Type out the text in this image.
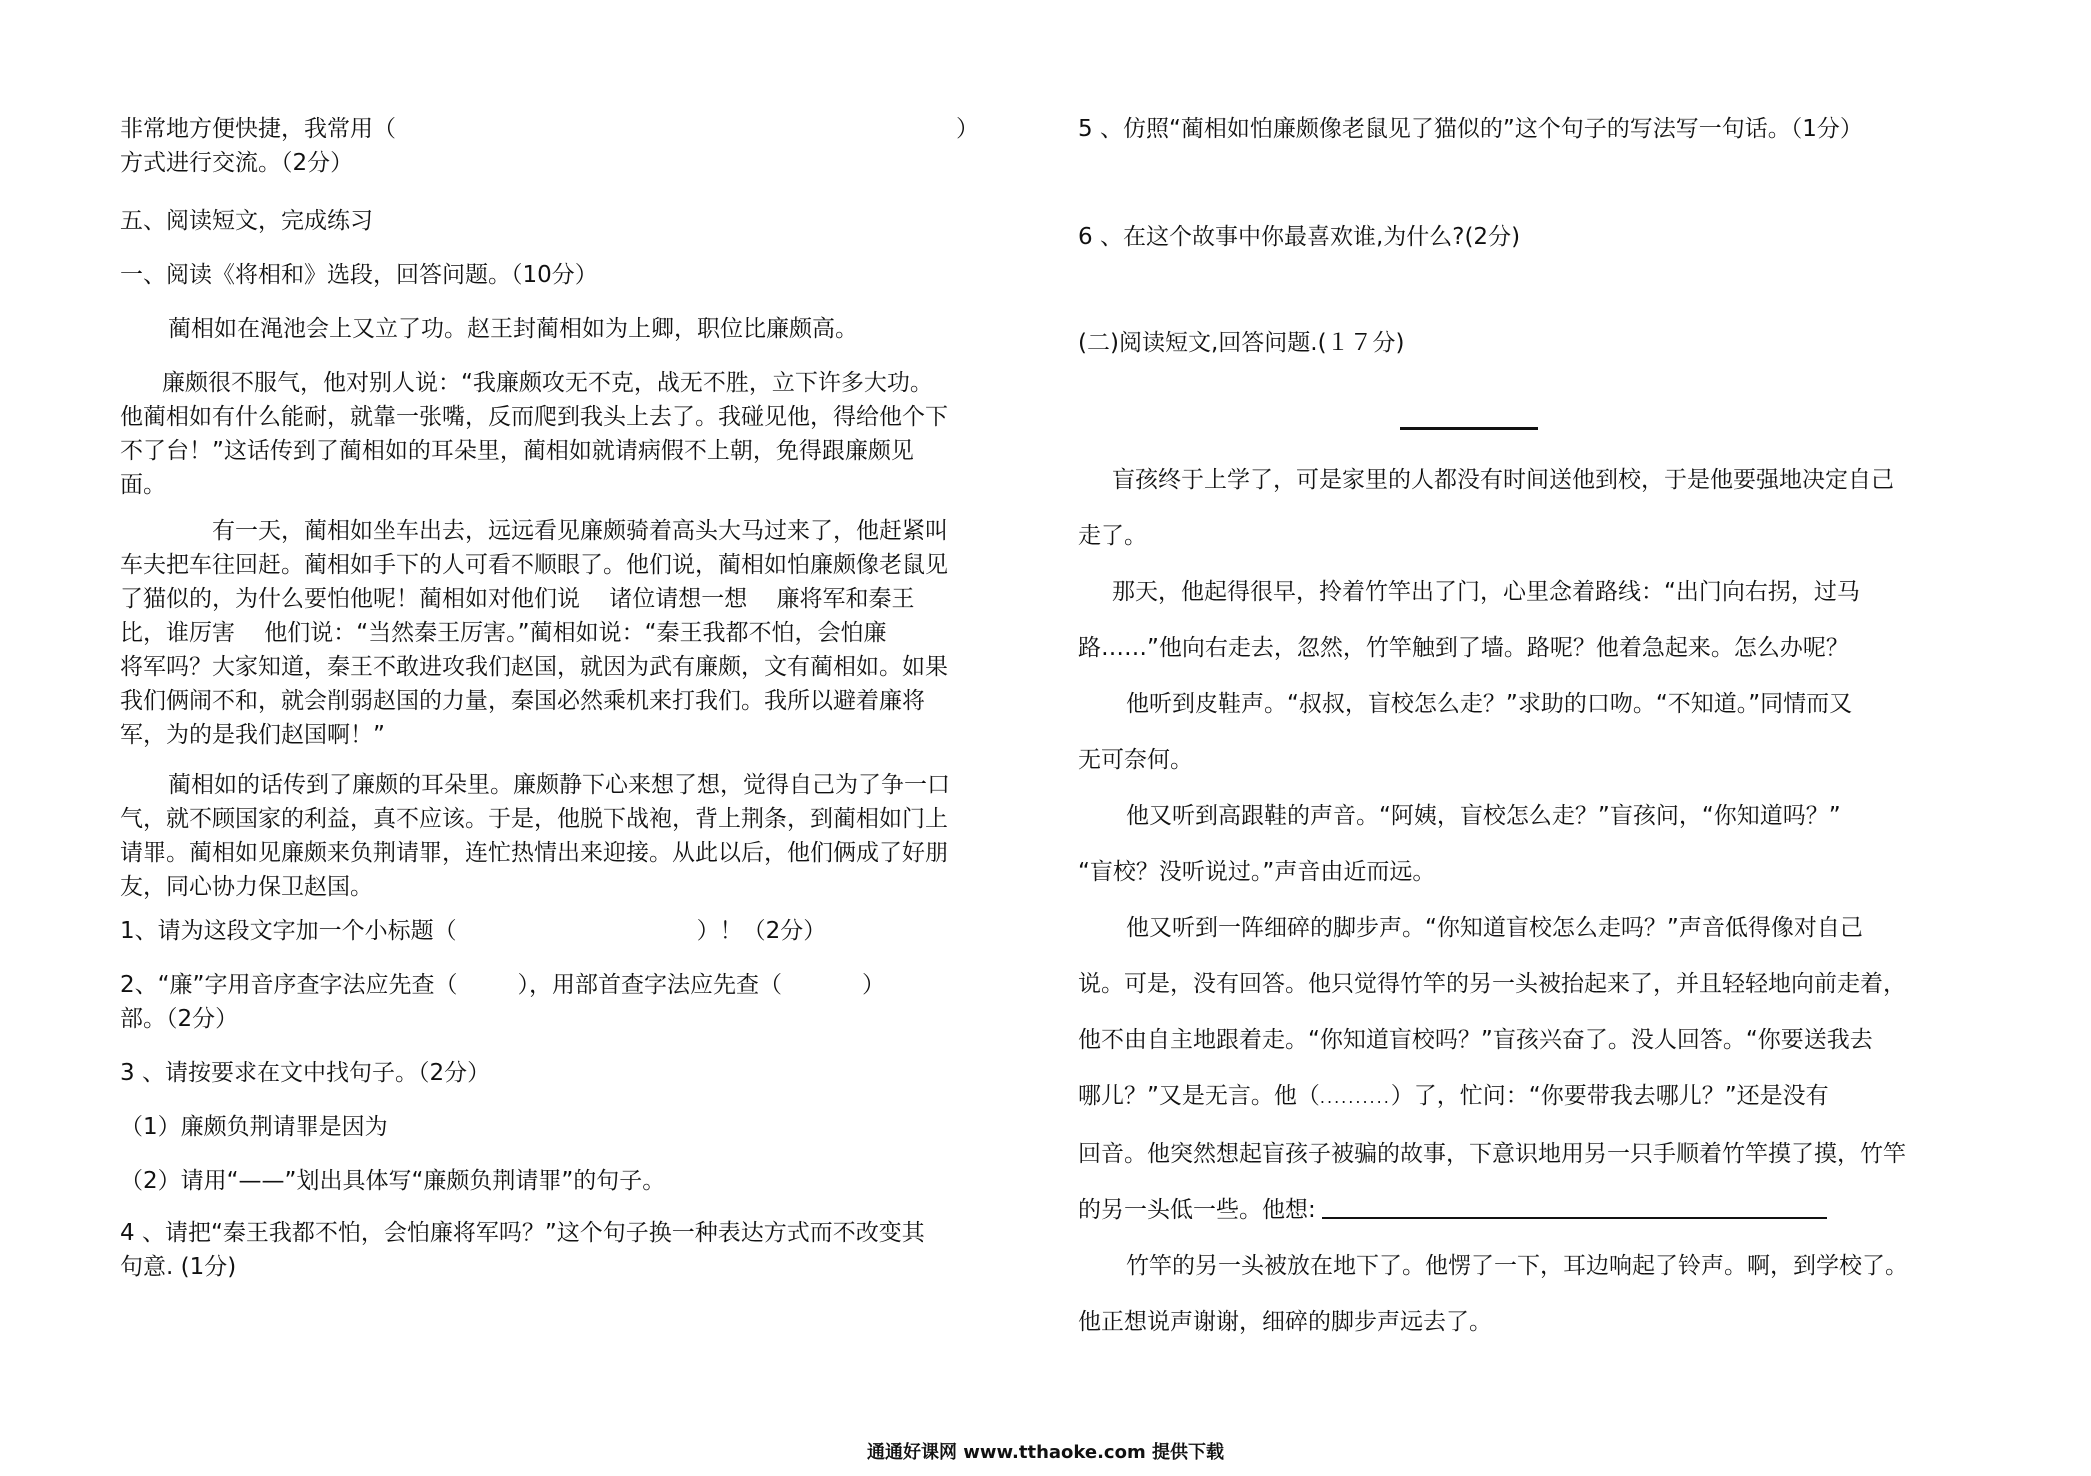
非常地方便快捷，我常用（	）

方式进行交流。（2分）

五、阅读短文，完成练习

一、阅读《将相和》选段，回答问题。（10分）

蔺相如在渑池会上又立了功。赵王封蔺相如为上卿，职位比廉颇高。

廉颇很不服气，他对别人说：“我廉颇攻无不克，战无不胜，立下许多大功。

他蔺相如有什么能耐，就靠一张嘴，反而爬到我头上去了。我碰见他，得给他个下

不了台！”这话传到了蔺相如的耳朵里，蔺相如就请病假不上朝，免得跟廉颇见

面。

有一天，蔺相如坐车出去，远远看见廉颇骑着高头大马过来了，他赶紧叫

车夫把车往回赶。蔺相如手下的人可看不顺眼了。他们说，蔺相如怕廉颇像老鼠见

了猫似的，为什么要怕他呢！蔺相如对他们说    诸位请想一想    廉将军和秦王

比，谁厉害    他们说：“当然秦王厉害。”蔺相如说：“秦王我都不怕，会怕廉

将军吗？大家知道，秦王不敢进攻我们赵国，就因为武有廉颇，文有蔺相如。如果

我们俩闹不和，就会削弱赵国的力量，秦国必然乘机来打我们。我所以避着廉将

军，为的是我们赵国啊！”

蔺相如的话传到了廉颇的耳朵里。廉颇静下心来想了想，觉得自己为了争一口

气，就不顾国家的利益，真不应该。于是，他脱下战袍，背上荆条，到蔺相如门上

请罪。蔺相如见廉颇来负荆请罪，连忙热情出来迎接。从此以后，他们俩成了好朋

友，同心协力保卫赵国。

1、请为这段文字加一个小标题（	）！（2分）

2、“廉”字用音序查字法应先查（	），用部首查字法应先查（	）

部。（2分）

3 、请按要求在文中找句子。（2分）

（1）廉颇负荆请罪是因为

（2）请用“——”划出具体写“廉颇负荆请罪”的句子。

4 、请把“秦王我都不怕，会怕廉将军吗？”这个句子换一种表达方式而不改变其

句意. (1分)

5 、仿照“蔺相如怕廉颇像老鼠见了猫似的”这个句子的写法写一句话。（1分）

6 、在这个故事中你最喜欢谁,为什么?(2分)

(二)阅读短文,回答问题.(１７分)

盲孩终于上学了，可是家里的人都没有时间送他到校，于是他要强地决定自己

走了。

那天，他起得很早，拎着竹竿出了门，心里念着路线：“出门向右拐，过马

路……”他向右走去，忽然，竹竿触到了墙。路呢？他着急起来。怎么办呢？

他听到皮鞋声。“叔叔，盲校怎么走？”求助的口吻。“不知道。”同情而又

无可奈何。

他又听到高跟鞋的声音。“阿姨，盲校怎么走？”盲孩问，“你知道吗？”

“盲校？没听说过。”声音由近而远。

他又听到一阵细碎的脚步声。“你知道盲校怎么走吗？”声音低得像对自己

说。可是，没有回答。他只觉得竹竿的另一头被抬起来了，并且轻轻地向前走着，

他不由自主地跟着走。“你知道盲校吗？”盲孩兴奋了。没人回答。“你要送我去

哪儿？”又是无言。他（..........）了，忙问：“你要带我去哪儿？”还是没有

回音。他突然想起盲孩子被骗的故事，下意识地用另一只手顺着竹竿摸了摸，竹竿

的另一头低一些。他想:

竹竿的另一头被放在地下了。他愣了一下，耳边响起了铃声。啊，到学校了。

他正想说声谢谢，细碎的脚步声远去了。

通通好课网 www.tthaoke.com 提供下载
